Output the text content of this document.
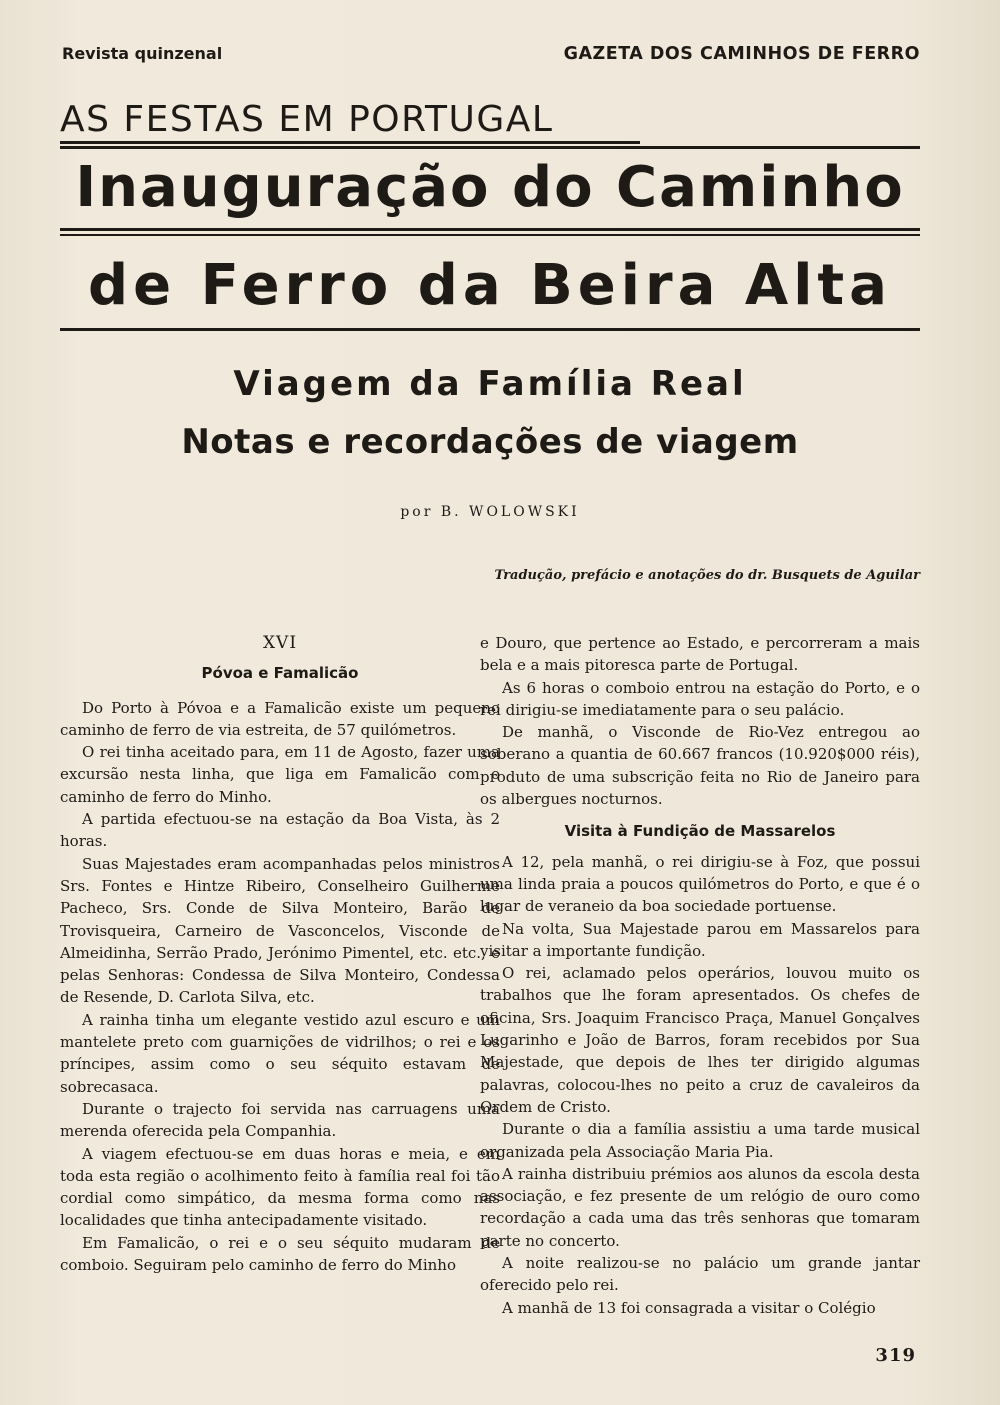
Revista quinzenal	GAZETA DOS CAMINHOS DE FERRO
AS FESTAS EM PORTUGAL
Inauguração do Caminho
de Ferro da Beira Alta
Viagem da Família Real
Notas e recordações de viagem
por B. WOLOWSKI
Tradução, prefácio e anotações do dr. Busquets de Aguilar
XVI
Póvoa e Famalicão

Do Porto à Póvoa e a Famalicão existe um pequeno caminho de ferro de via estreita, de 57 quilómetros.

O rei tinha aceitado para, em 11 de Agosto, fazer uma excursão nesta linha, que liga em Famalicão com o caminho de ferro do Minho.

A partida efectuou-se na estação da Boa Vista, às 2 horas.

Suas Majestades eram acompanhadas pelos ministros Srs. Fontes e Hintze Ribeiro, Conselheiro Guilherme Pacheco, Srs. Conde de Silva Monteiro, Barão de Trovisqueira, Carneiro de Vasconcelos, Visconde de Almeidinha, Serrão Prado, Jerónimo Pimentel, etc. etc., e pelas Senhoras: Condessa de Silva Monteiro, Condessa de Resende, D. Carlota Silva, etc.

A rainha tinha um elegante vestido azul escuro e um mantelete preto com guarnições de vidrilhos; o rei e os príncipes, assim como o seu séquito estavam de sobrecasaca.

Durante o trajecto foi servida nas carruagens uma merenda oferecida pela Companhia.

A viagem efectuou-se em duas horas e meia, e em toda esta região o acolhimento feito à família real foi tão cordial como simpático, da mesma forma como nas localidades que tinha antecipadamente visitado.

Em Famalicão, o rei e o seu séquito mudaram de comboio. Seguiram pelo caminho de ferro do Minho

e Douro, que pertence ao Estado, e percorreram a mais bela e a mais pitoresca parte de Portugal.

As 6 horas o comboio entrou na estação do Porto, e o rei dirigiu-se imediatamente para o seu palácio.

De manhã, o Visconde de Rio-Vez entregou ao soberano a quantia de 60.667 francos (10.920$000 réis), produto de uma subscrição feita no Rio de Janeiro para os albergues nocturnos.

Visita à Fundição de Massarelos

A 12, pela manhã, o rei dirigiu-se à Foz, que possui uma linda praia a poucos quilómetros do Porto, e que é o lugar de veraneio da boa sociedade portuense.

Na volta, Sua Majestade parou em Massarelos para visitar a importante fundição.

O rei, aclamado pelos operários, louvou muito os trabalhos que lhe foram apresentados. Os chefes de oficina, Srs. Joaquim Francisco Praça, Manuel Gonçalves Lugarinho e João de Barros, foram recebidos por Sua Majestade, que depois de lhes ter dirigido algumas palavras, colocou-lhes no peito a cruz de cavaleiros da Ordem de Cristo.

Durante o dia a família assistiu a uma tarde musical organizada pela Associação Maria Pia.

A rainha distribuiu prémios aos alunos da escola desta associação, e fez presente de um relógio de ouro como recordação a cada uma das três senhoras que tomaram parte no concerto.

A noite realizou-se no palácio um grande jantar oferecido pelo rei.

A manhã de 13 foi consagrada a visitar o Colégio

319
